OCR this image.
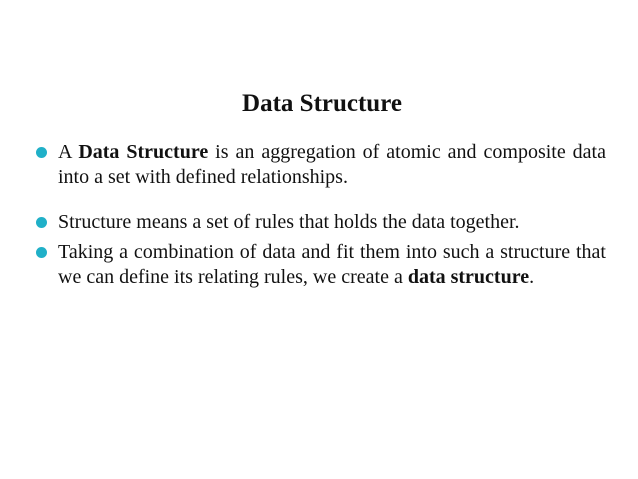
Data Structure
A Data Structure is an aggregation of atomic and composite data into a set with defined relationships.
Structure means a set of rules that holds the data together.
Taking a combination of data and fit them into such a structure that we can define its relating rules, we create a data structure.
